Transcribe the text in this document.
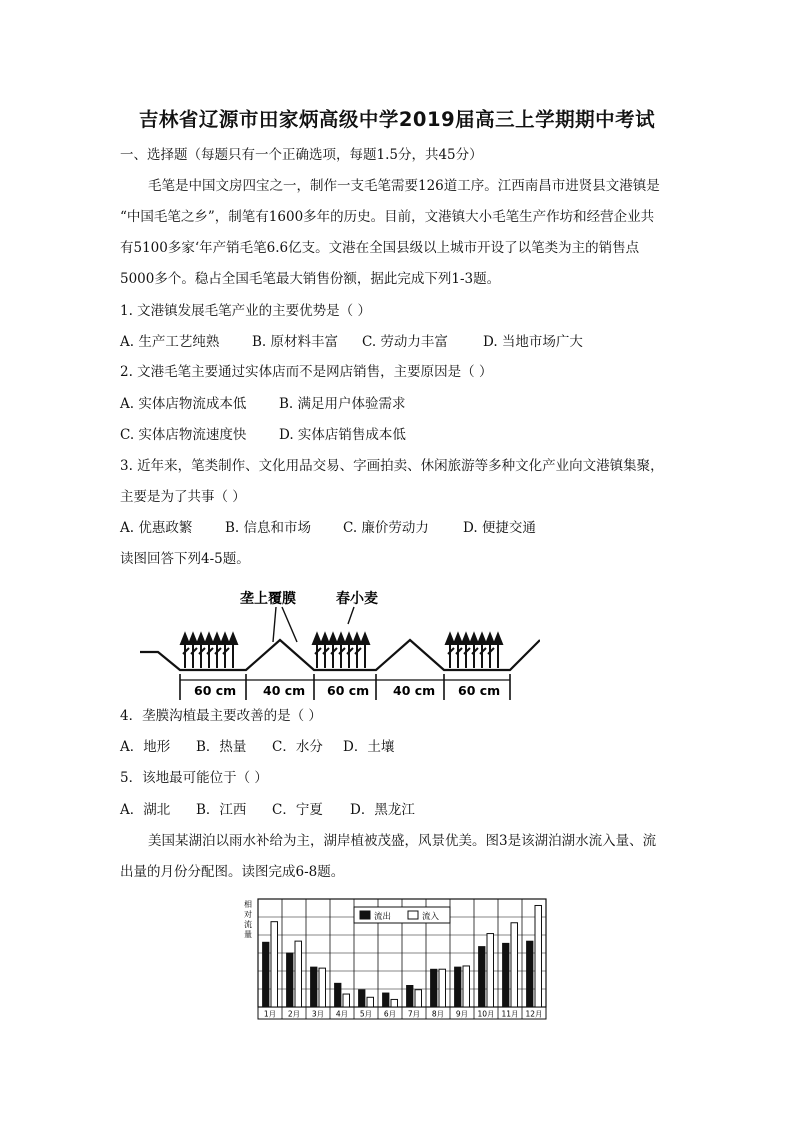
吉林省辽源市田家炳高级中学2019届高三上学期期中考试
一、选择题（每题只有一个正确选项，每题1.5分，共45分）
毛笔是中国文房四宝之一，制作一支毛笔需要126道工序。江西南昌市进贤县文港镇是
“中国毛笔之乡”，制笔有1600多年的历史。目前，文港镇大小毛笔生产作坊和经营企业共
有5100多家‘年产销毛笔6.6亿支。文港在全国县级以上城市开设了以笔类为主的销售点
5000多个。稳占全国毛笔最大销售份额，据此完成下列1-3题。
1. 文港镇发展毛笔产业的主要优势是（ ）
A. 生产工艺纯熟 B. 原材料丰富 C. 劳动力丰富	D. 当地市场广大
2. 文港毛笔主要通过实体店而不是网店销售，主要原因是（ ）
A. 实体店物流成本低 B. 满足用户体验需求
C. 实体店物流速度快 D. 实体店销售成本低
3. 近年来，笔类制作、文化用品交易、字画拍卖、休闲旅游等多种文化产业向文港镇集聚，
主要是为了共事（ ）
A. 优惠政繁 B. 信息和市场 C. 廉价劳动力	D. 便捷交通
读图回答下列4-5题。
垄上覆膜	春小麦
60 cm 40 cm 60 cm 40 cm 60 cm
4．垄膜沟植最主要改善的是（ ）
A．地形 B．热量 C．水分 D．土壤
5．该地最可能位于（ ）
A．湖北 B．江西 C．宁夏 D．黑龙江
美国某湖泊以雨水补给为主，湖岸植被茂盛，风景优美。图3是该湖泊湖水流入量、流
出量的月份分配图。读图完成6-8题。
1月 2月 3月 4月 5月 6月 7月 8月 9月 10月 11月 12月
相对流量
流出	流入
